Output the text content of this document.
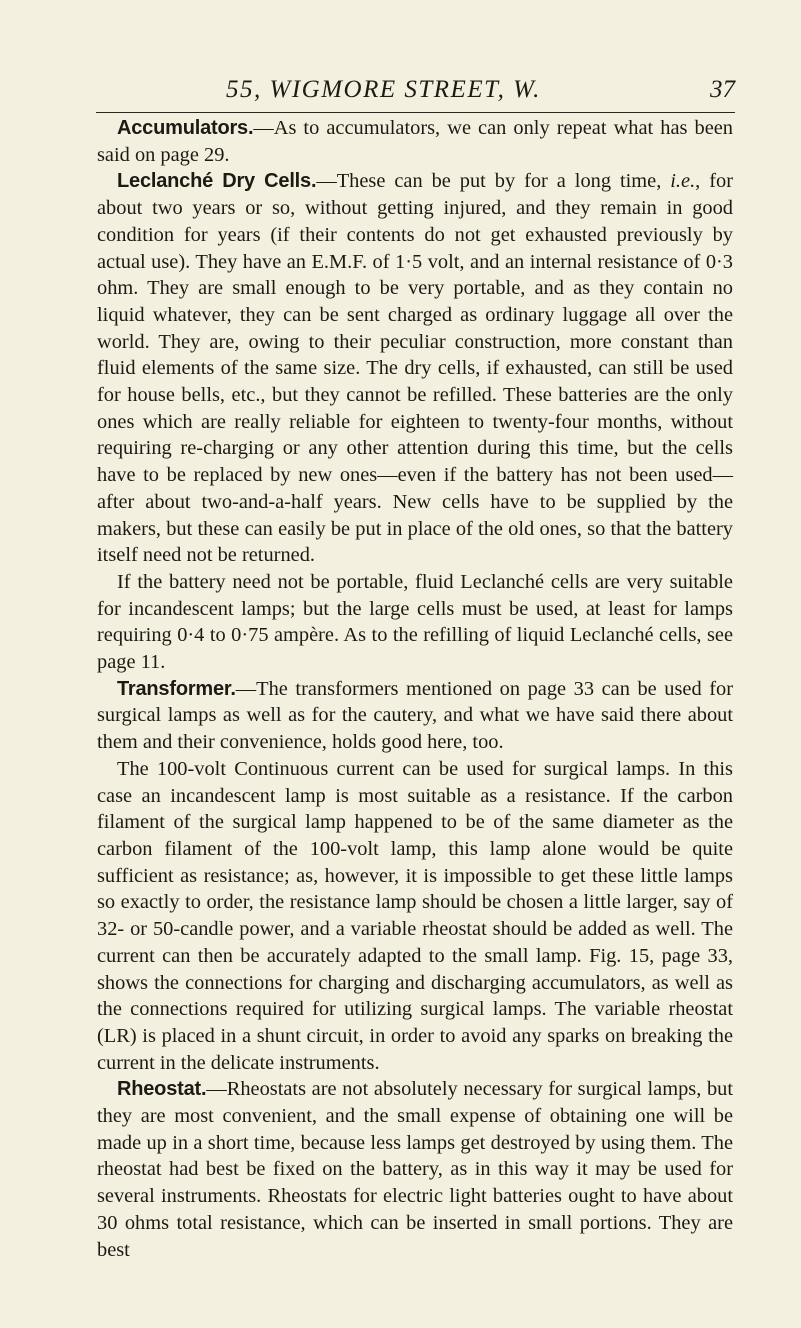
55, WIGMORE STREET, W.	37

Accumulators.—As to accumulators, we can only repeat what has been said on page 29.

Leclanché Dry Cells.—These can be put by for a long time, i.e., for about two years or so, without getting injured, and they remain in good condition for years (if their contents do not get exhausted previously by actual use). They have an E.M.F. of 1·5 volt, and an internal resistance of 0·3 ohm. They are small enough to be very portable, and as they contain no liquid whatever, they can be sent charged as ordinary luggage all over the world. They are, owing to their peculiar construction, more constant than fluid elements of the same size. The dry cells, if exhausted, can still be used for house bells, etc., but they cannot be refilled. These batteries are the only ones which are really reliable for eighteen to twenty-four months, without requiring re-charging or any other attention during this time, but the cells have to be replaced by new ones—even if the battery has not been used—after about two-and-a-half years. New cells have to be supplied by the makers, but these can easily be put in place of the old ones, so that the battery itself need not be returned.

If the battery need not be portable, fluid Leclanché cells are very suitable for incandescent lamps; but the large cells must be used, at least for lamps requiring 0·4 to 0·75 ampère. As to the refilling of liquid Leclanché cells, see page 11.

Transformer.—The transformers mentioned on page 33 can be used for surgical lamps as well as for the cautery, and what we have said there about them and their convenience, holds good here, too.

The 100-volt Continuous current can be used for surgical lamps. In this case an incandescent lamp is most suitable as a resistance. If the carbon filament of the surgical lamp happened to be of the same diameter as the carbon filament of the 100-volt lamp, this lamp alone would be quite sufficient as resistance; as, however, it is impossible to get these little lamps so exactly to order, the resistance lamp should be chosen a little larger, say of 32- or 50-candle power, and a variable rheostat should be added as well. The current can then be accurately adapted to the small lamp. Fig. 15, page 33, shows the connections for charging and discharging accumulators, as well as the connections required for utilizing surgical lamps. The variable rheostat (LR) is placed in a shunt circuit, in order to avoid any sparks on breaking the current in the delicate instruments.

Rheostat.—Rheostats are not absolutely necessary for surgical lamps, but they are most convenient, and the small expense of obtaining one will be made up in a short time, because less lamps get destroyed by using them. The rheostat had best be fixed on the battery, as in this way it may be used for several instruments. Rheostats for electric light batteries ought to have about 30 ohms total resistance, which can be inserted in small portions. They are best
